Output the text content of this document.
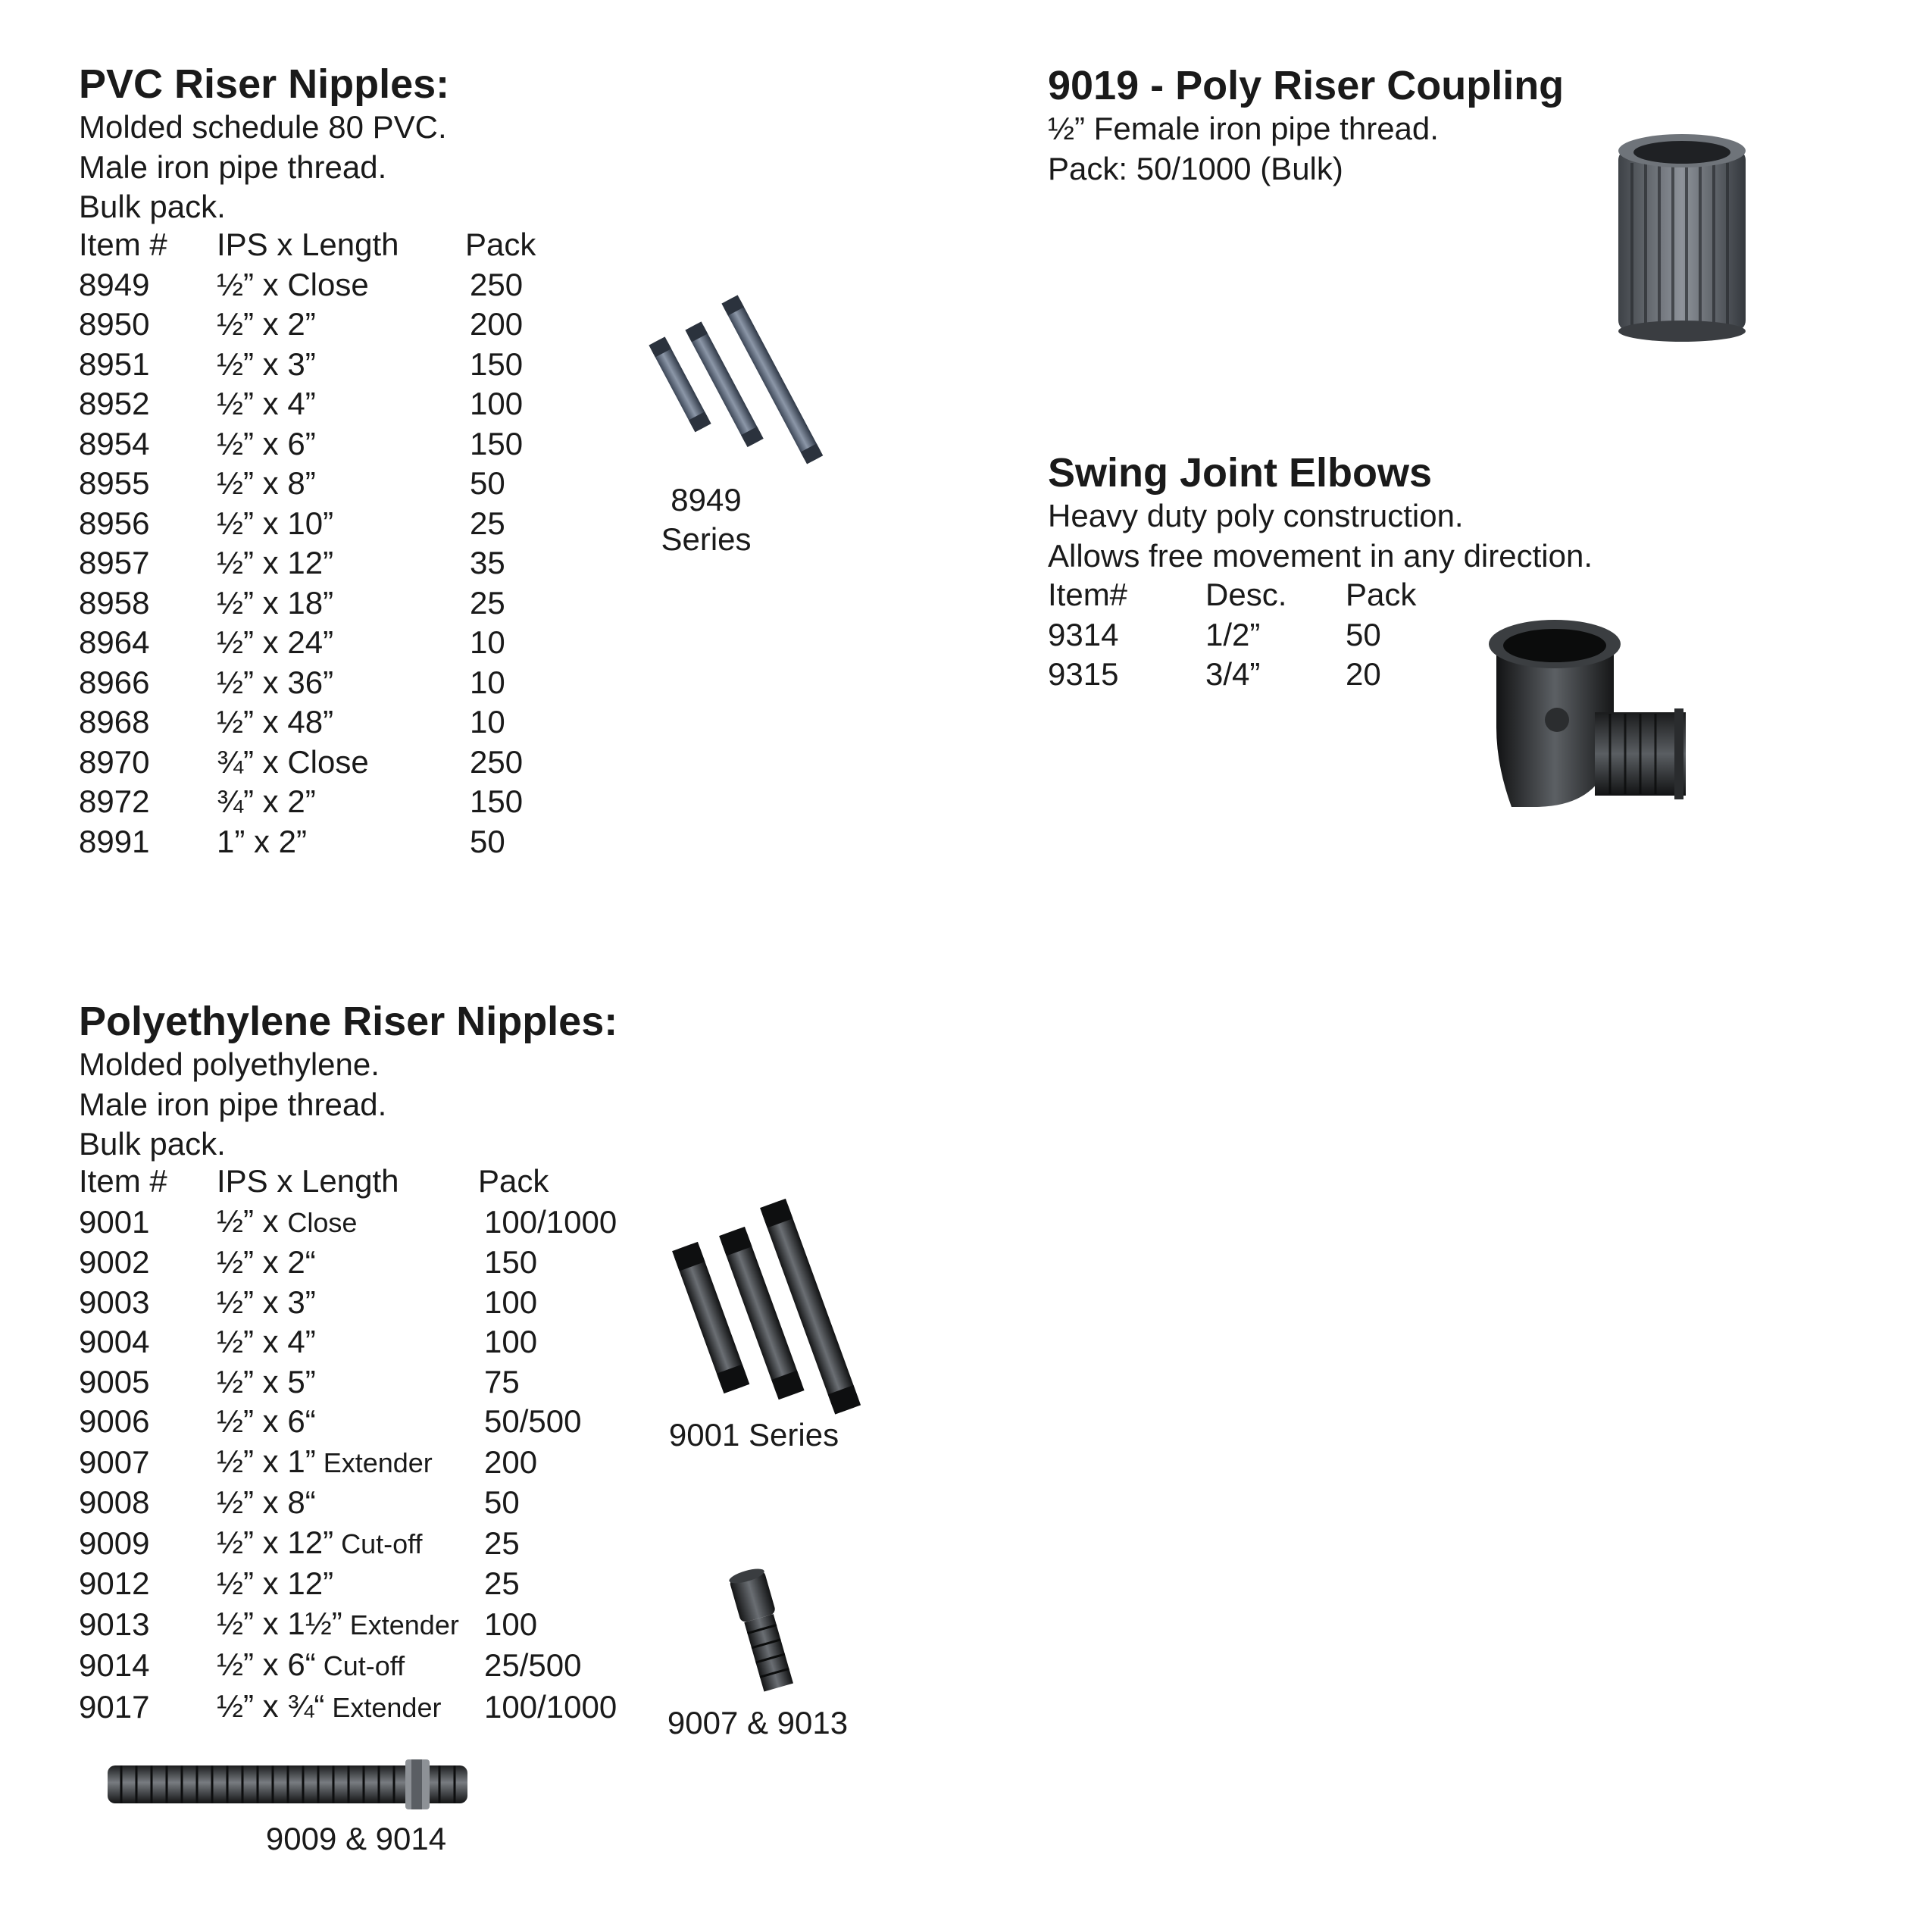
PVC Riser Nipples:
Molded schedule 80 PVC.
Male iron pipe thread.
Bulk pack.
Item #	IPS x Length	Pack
8949	½” x Close	250
8950	½” x 2”	200
8951	½” x 3”	150
8952	½” x 4”	100
8954	½” x 6”	150
8955	½” x 8”	50
8956	½” x 10”	25
8957	½” x 12”	35
8958	½” x 18”	25
8964	½” x 24”	10
8966	½” x 36”	10
8968	½” x 48”	10
8970	¾” x Close	250
8972	¾” x 2”	150
8991	1” x 2”	50
8949
Series
9019 - Poly Riser Coupling
½” Female iron pipe thread.
Pack: 50/1000 (Bulk)
Swing Joint Elbows
Heavy duty poly construction.
Allows free movement in any direction.
Item#	Desc.	Pack
9314	1/2”	50
9315	3/4”	20
Polyethylene Riser Nipples:
Molded polyethylene.
Male iron pipe thread.
Bulk pack.
Item #	IPS x Length	Pack
9001	½” x Close	100/1000
9002	½” x 2“	150
9003	½” x 3”	100
9004	½” x 4”	100
9005	½” x 5”	75
9006	½” x 6“	50/500
9007	½” x 1” Extender	200
9008	½” x 8“	50
9009	½” x 12” Cut-off	25
9012	½” x 12”	25
9013	½” x 1½” Extender	100
9014	½” x 6“ Cut-off	25/500
9017	½” x ¾“ Extender	100/1000
9001 Series
9007 & 9013
9009 & 9014
